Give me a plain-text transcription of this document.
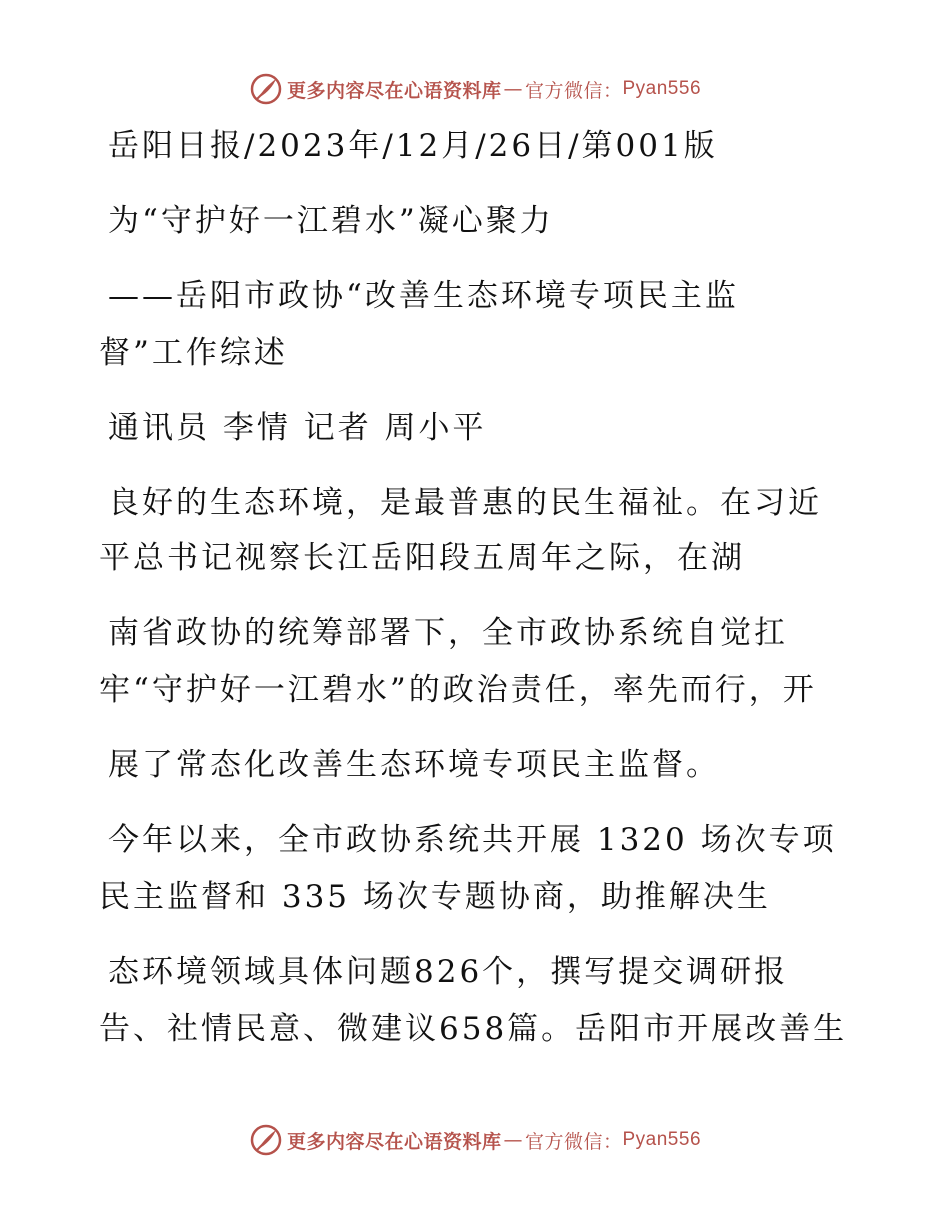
更多内容尽在心语资料库 — 官方微信： Pyan556
岳阳日报/2023年/12月/26日/第001版
为“守护好一江碧水”凝心聚力
——岳阳市政协“改善生态环境专项民主监
督”工作综述
通讯员 李情 记者 周小平
良好的生态环境，是最普惠的民生福祉。在习近
平总书记视察长江岳阳段五周年之际，在湖
南省政协的统筹部署下，全市政协系统自觉扛
牢“守护好一江碧水”的政治责任，率先而行，开
展了常态化改善生态环境专项民主监督。
今年以来，全市政协系统共开展 1320 场次专项
民主监督和 335 场次专题协商，助推解决生
态环境领域具体问题826个，撰写提交调研报
告、社情民意、微建议658篇。岳阳市开展改善生
更多内容尽在心语资料库 — 官方微信： Pyan556
